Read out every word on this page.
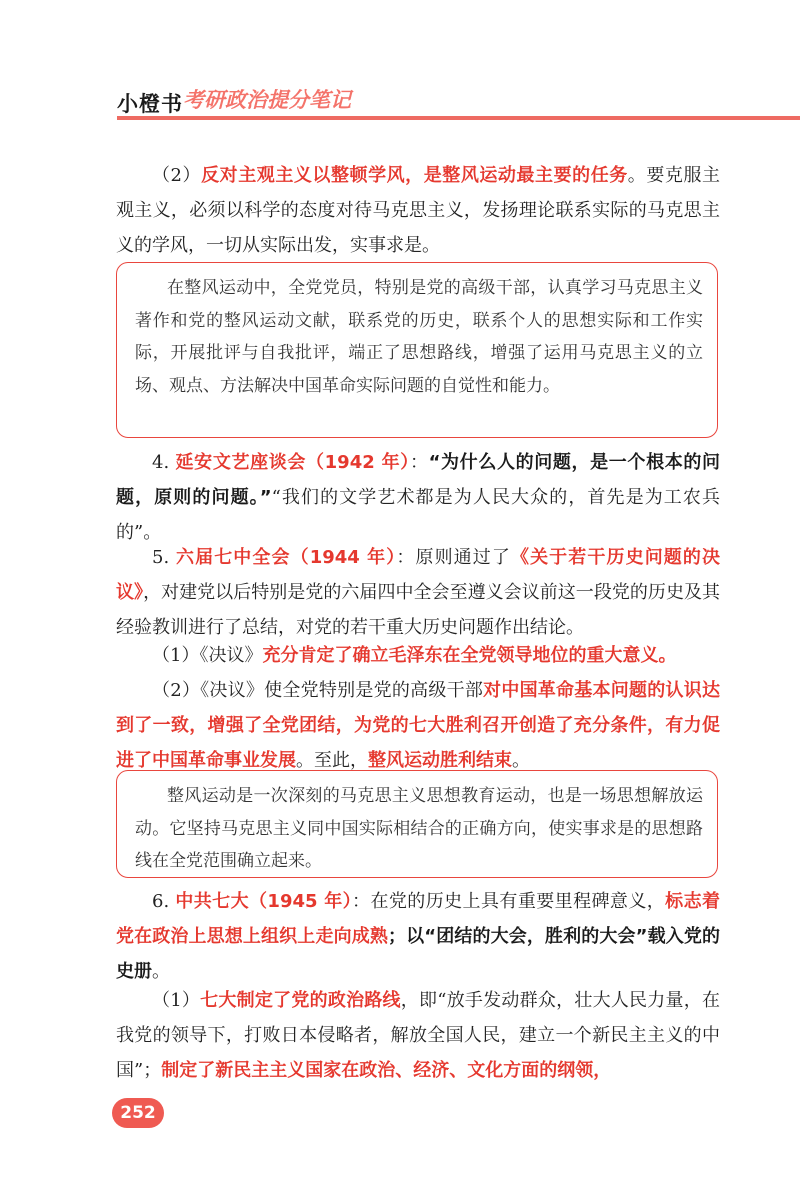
小橙书 考研政治提分笔记

（2）反对主观主义以整顿学风，是整风运动最主要的任务。要克服主观主义，必须以科学的态度对待马克思主义，发扬理论联系实际的马克思主义的学风，一切从实际出发，实事求是。

在整风运动中，全党党员，特别是党的高级干部，认真学习马克思主义著作和党的整风运动文献，联系党的历史，联系个人的思想实际和工作实际，开展批评与自我批评，端正了思想路线，增强了运用马克思主义的立场、观点、方法解决中国革命实际问题的自觉性和能力。

4. 延安文艺座谈会（1942 年）：“为什么人的问题，是一个根本的问题，原则的问题。”“我们的文学艺术都是为人民大众的，首先是为工农兵的”。

5. 六届七中全会（1944 年）：原则通过了《关于若干历史问题的决议》，对建党以后特别是党的六届四中全会至遵义会议前这一段党的历史及其经验教训进行了总结，对党的若干重大历史问题作出结论。

（1）《决议》充分肯定了确立毛泽东在全党领导地位的重大意义。

（2）《决议》使全党特别是党的高级干部对中国革命基本问题的认识达到了一致，增强了全党团结，为党的七大胜利召开创造了充分条件，有力促进了中国革命事业发展。至此，整风运动胜利结束。

整风运动是一次深刻的马克思主义思想教育运动，也是一场思想解放运动。它坚持马克思主义同中国实际相结合的正确方向，使实事求是的思想路线在全党范围确立起来。

6. 中共七大（1945 年）：在党的历史上具有重要里程碑意义，标志着党在政治上思想上组织上走向成熟；以“团结的大会，胜利的大会”载入党的史册。

（1）七大制定了党的政治路线，即“放手发动群众，壮大人民力量，在我党的领导下，打败日本侵略者，解放全国人民，建立一个新民主主义的中国”；制定了新民主主义国家在政治、经济、文化方面的纲领，

252
